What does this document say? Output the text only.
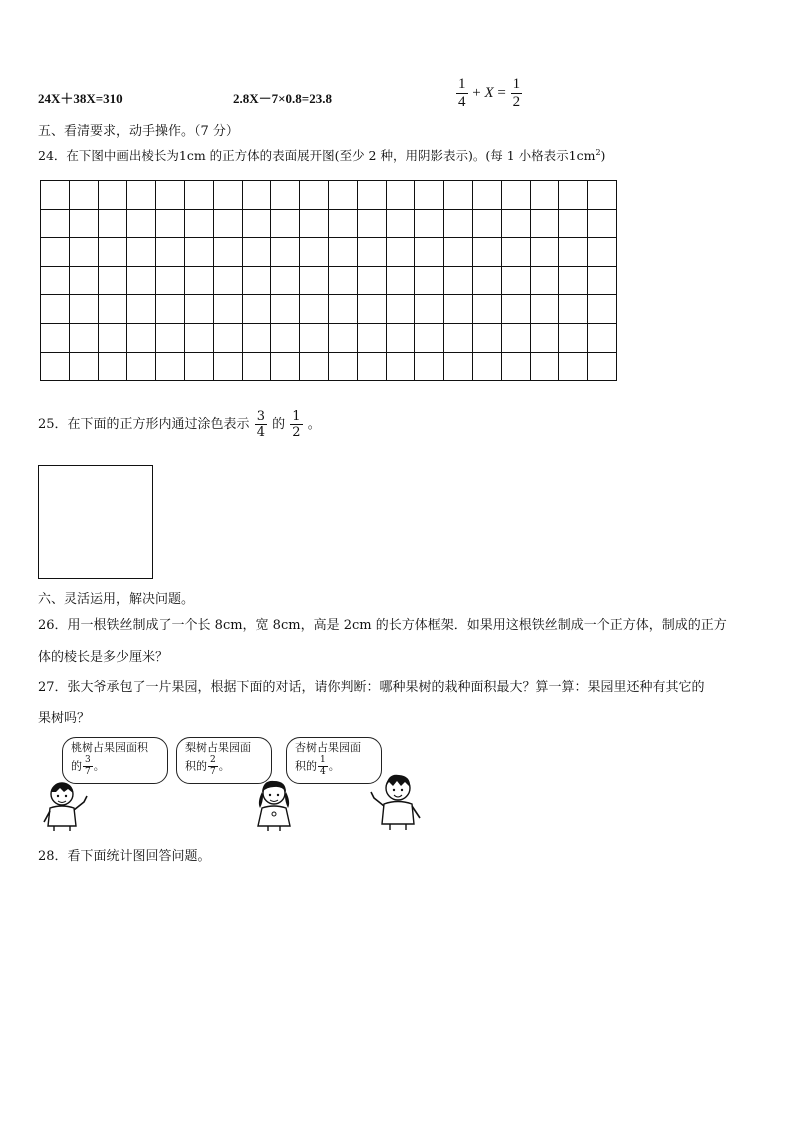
24X＋38X=310	2.8X－7×0.8=23.8	$\frac{1}{4} + X = \frac{1}{2}$
五、看清要求，动手操作。（7 分）
24．在下图中画出棱长为1cm 的正方体的表面展开图(至少 2 种，用阴影表示)。(每 1 小格表示$1cm^2$)

25．在下面的正方形内通过涂色表示 $\frac{3}{4}$ 的 $\frac{1}{2}$ 。
六、灵活运用，解决问题。
26．用一根铁丝制成了一个长 8cm，宽 8cm，高是 2cm 的长方体框架．如果用这根铁丝制成一个正方体，制成的正方
体的棱长是多少厘米？
27．张大爷承包了一片果园，根据下面的对话，请你判断：哪种果树的栽种面积最大？算一算：果园里还种有其它的
果树吗？
桃树占果园面积
的 $\frac{3}{7}$ 。
梨树占果园面
积的 $\frac{2}{7}$ 。
杏树占果园面
积的 $\frac{1}{4}$ 。
28．看下面统计图回答问题。
